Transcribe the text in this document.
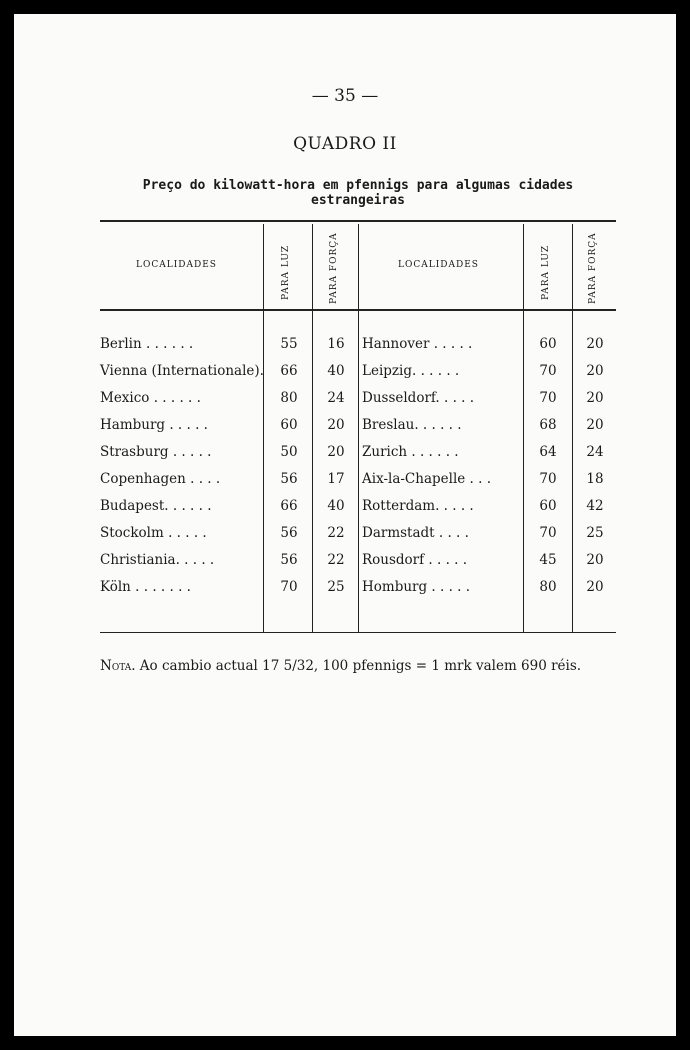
— 35 —
QUADRO II
Preço do kilowatt-hora em pfennigs para algumas cidades estrangeiras
LOCALIDADES	PARA LUZ	PARA FORÇA	LOCALIDADES	PARA LUZ	PARA FORÇA
Berlin . . . . . .	55	16	Hannover . . . . .	60	20
Vienna (Internationale).	66	40	Leipzig. . . . . .	70	20
Mexico . . . . . .	80	24	Dusseldorf. . . . .	70	20
Hamburg . . . . .	60	20	Breslau. . . . . .	68	20
Strasburg . . . . .	50	20	Zurich . . . . . .	64	24
Copenhagen . . . .	56	17	Aix-la-Chapelle . . .	70	18
Budapest. . . . . .	66	40	Rotterdam. . . . .	60	42
Stockolm . . . . .	56	22	Darmstadt . . . .	70	25
Christiania. . . . .	56	22	Rousdorf . . . . .	45	20
Köln . . . . . . .	70	25	Homburg . . . . .	80	20
Nota. Ao cambio actual 17 5/32, 100 pfennigs = 1 mrk valem 690 réis.
